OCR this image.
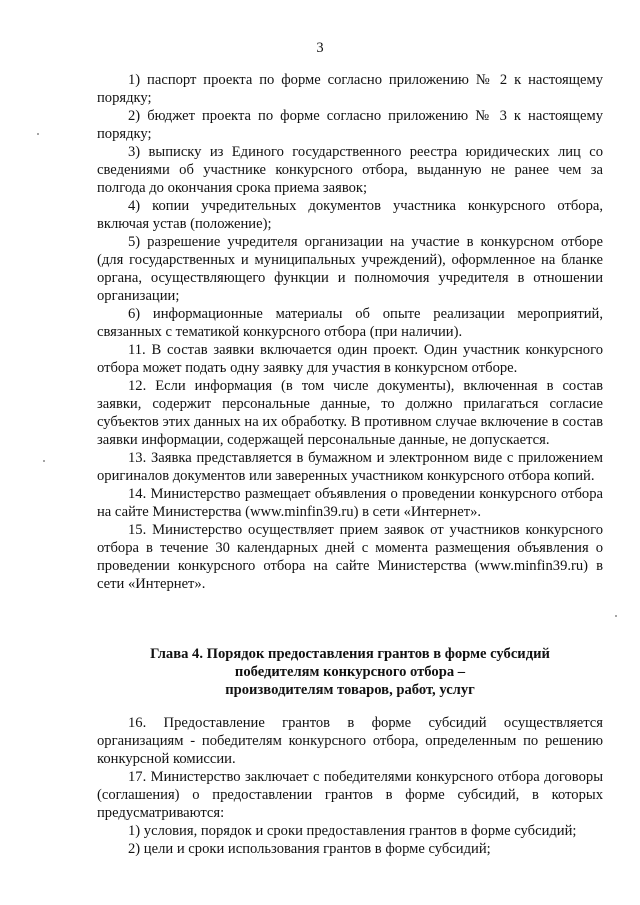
3

1) паспорт проекта по форме согласно приложению № 2 к настоящему порядку;

2) бюджет проекта по форме согласно приложению № 3 к настоящему порядку;

3) выписку из Единого государственного реестра юридических лиц со сведениями об участнике конкурсного отбора, выданную не ранее чем за полгода до окончания срока приема заявок;

4) копии учредительных документов участника конкурсного отбора, включая устав (положение);

5) разрешение учредителя организации на участие в конкурсном отборе (для государственных и муниципальных учреждений), оформленное на бланке органа, осуществляющего функции и полномочия учредителя в отношении организации;

6) информационные материалы об опыте реализации мероприятий, связанных с тематикой конкурсного отбора (при наличии).

11. В состав заявки включается один проект. Один участник конкурсного отбора может подать одну заявку для участия в конкурсном отборе.

12. Если информация (в том числе документы), включенная в состав заявки, содержит персональные данные, то должно прилагаться согласие субъектов этих данных на их обработку. В противном случае включение в состав заявки информации, содержащей персональные данные, не допускается.

13. Заявка представляется в бумажном и электронном виде с приложением оригиналов документов или заверенных участником конкурсного отбора копий.

14. Министерство размещает объявления о проведении конкурсного отбора на сайте Министерства (www.minfin39.ru) в сети «Интернет».

15. Министерство осуществляет прием заявок от участников конкурсного отбора в течение 30 календарных дней с момента размещения объявления о проведении конкурсного отбора на сайте Министерства (www.minfin39.ru) в сети «Интернет».

Глава 4. Порядок предоставления грантов в форме субсидий
победителям конкурсного отбора –
производителям товаров, работ, услуг

16. Предоставление грантов в форме субсидий осуществляется организациям - победителям конкурсного отбора, определенным по решению конкурсной комиссии.

17. Министерство заключает с победителями конкурсного отбора договоры (соглашения) о предоставлении грантов в форме субсидий, в которых предусматриваются:

1) условия, порядок и сроки предоставления грантов в форме субсидий;

2) цели и сроки использования грантов в форме субсидий;
